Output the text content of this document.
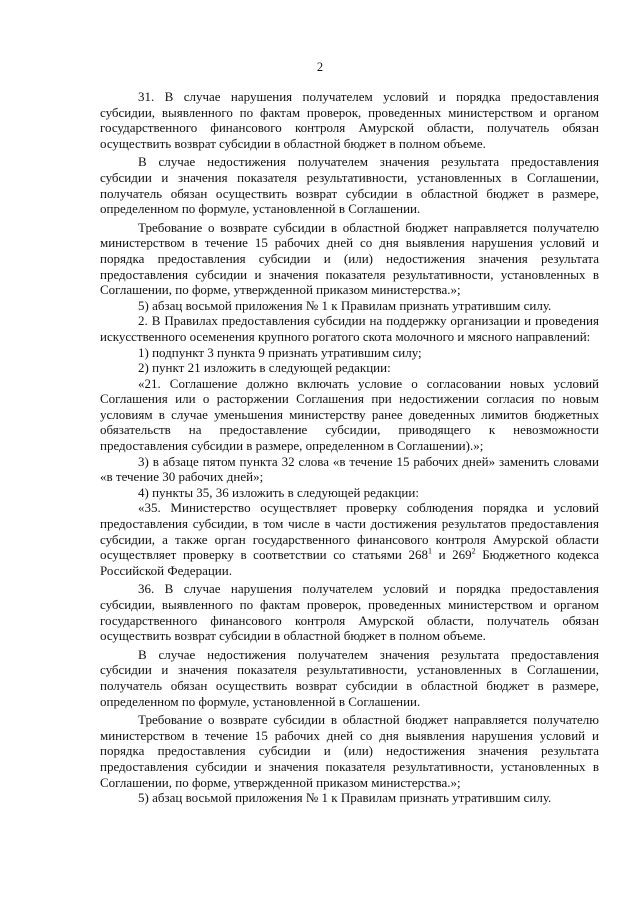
2

31. В случае нарушения получателем условий и порядка предоставления субсидии, выявленного по фактам проверок, проведенных министерством и органом государственного финансового контроля Амурской области, получатель обязан осуществить возврат субсидии в областной бюджет в полном объеме.

В случае недостижения получателем значения результата предоставления субсидии и значения показателя результативности, установленных в Соглашении, получатель обязан осуществить возврат субсидии в областной бюджет в размере, определенном по формуле, установленной в Соглашении.

Требование о возврате субсидии в областной бюджет направляется получателю министерством в течение 15 рабочих дней со дня выявления нарушения условий и порядка предоставления субсидии и (или) недостижения значения результата предоставления субсидии и значения показателя результативности, установленных в Соглашении, по форме, утвержденной приказом министерства.»;

5) абзац восьмой приложения № 1 к Правилам признать утратившим силу.

2. В Правилах предоставления субсидии на поддержку организации и проведения искусственного осеменения крупного рогатого скота молочного и мясного направлений:

1) подпункт 3 пункта 9 признать утратившим силу;

2) пункт 21 изложить в следующей редакции:

«21. Соглашение должно включать условие о согласовании новых условий Соглашения или о расторжении Соглашения при недостижении согласия по новым условиям в случае уменьшения министерству ранее доведенных лимитов бюджетных обязательств на предоставление субсидии, приводящего к невозможности предоставления субсидии в размере, определенном в Соглашении).»;

3) в абзаце пятом пункта 32 слова «в течение 15 рабочих дней» заменить словами «в течение 30 рабочих дней»;

4) пункты 35, 36 изложить в следующей редакции:

«35. Министерство осуществляет проверку соблюдения порядка и условий предоставления субсидии, в том числе в части достижения результатов предоставления субсидии, а также орган государственного финансового контроля Амурской области осуществляет проверку в соответствии со статьями $268^1$ и $269^2$ Бюджетного кодекса Российской Федерации.

36. В случае нарушения получателем условий и порядка предоставления субсидии, выявленного по фактам проверок, проведенных министерством и органом государственного финансового контроля Амурской области, получатель обязан осуществить возврат субсидии в областной бюджет в полном объеме.

В случае недостижения получателем значения результата предоставления субсидии и значения показателя результативности, установленных в Соглашении, получатель обязан осуществить возврат субсидии в областной бюджет в размере, определенном по формуле, установленной в Соглашении.

Требование о возврате субсидии в областной бюджет направляется получателю министерством в течение 15 рабочих дней со дня выявления нарушения условий и порядка предоставления субсидии и (или) недостижения значения результата предоставления субсидии и значения показателя результативности, установленных в Соглашении, по форме, утвержденной приказом министерства.»;

5) абзац восьмой приложения № 1 к Правилам признать утратившим силу.
